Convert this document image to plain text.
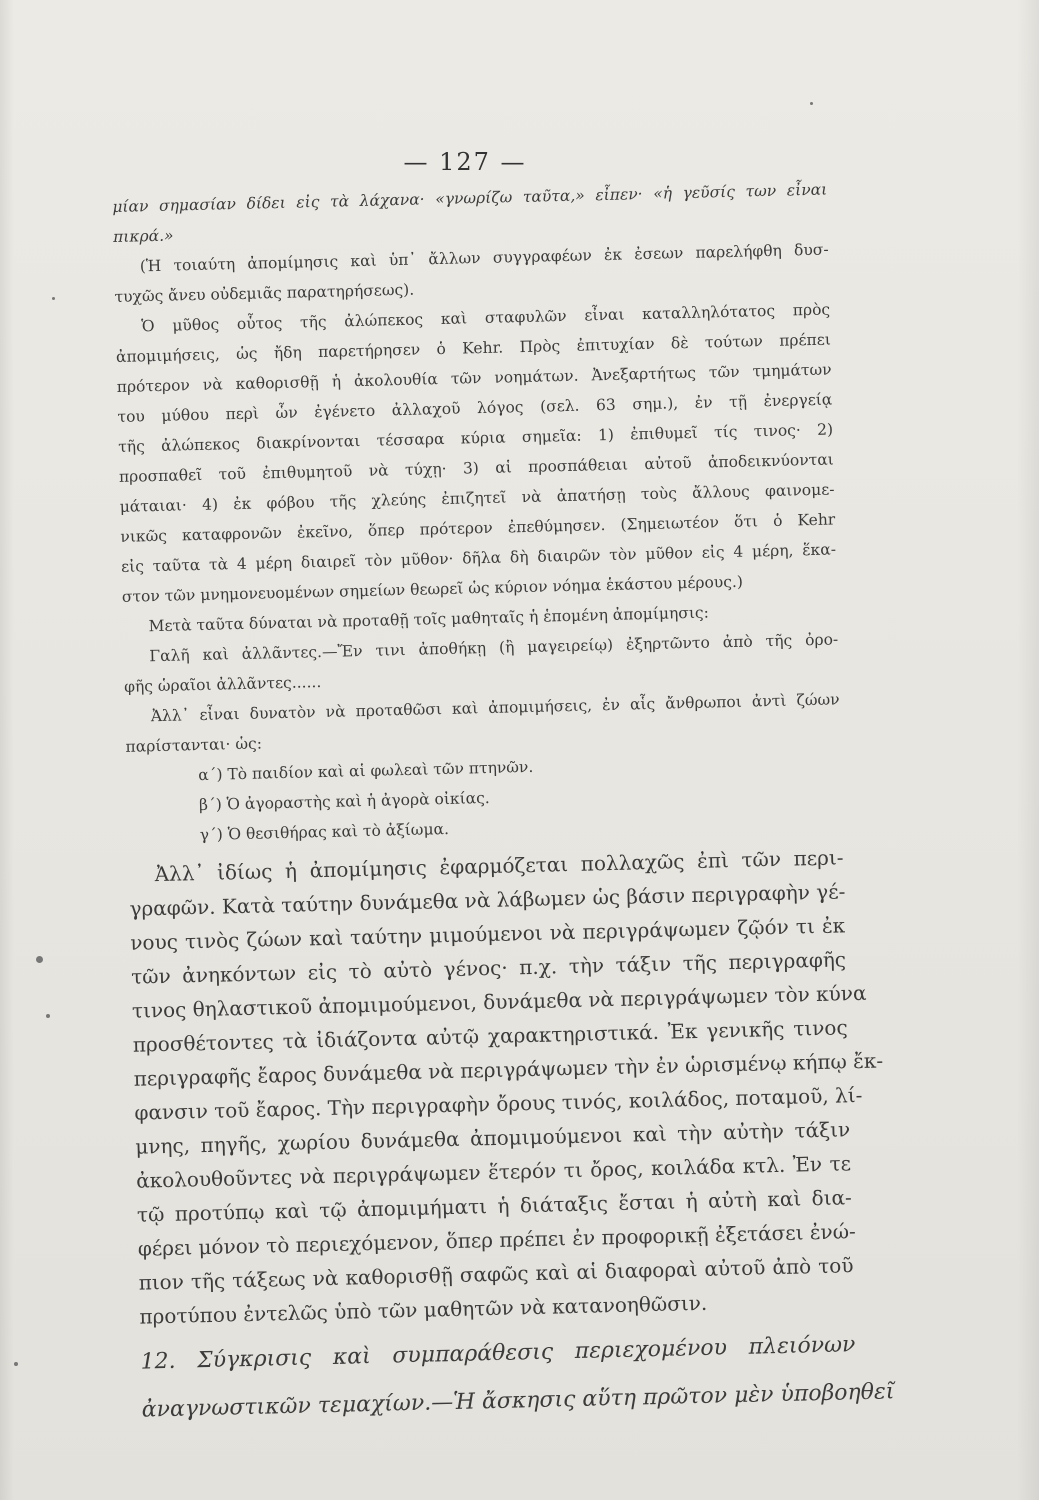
— 127 —
μίαν σημασίαν δίδει εἰς τὰ λάχανα· «γνωρίζω ταῦτα,» εἶπεν· «ἡ γεῦσίς των εἶναι
πικρά.»
(Ἡ τοιαύτη ἀπομίμησις καὶ ὑπ᾽ ἄλλων συγγραφέων ἐκ ἐσεων παρελήφθη δυσ-
τυχῶς ἄνευ οὐδεμιᾶς παρατηρήσεως).
Ὁ μῦθος οὗτος τῆς ἀλώπεκος καὶ σταφυλῶν εἶναι καταλληλότατος πρὸς
ἀπομιμήσεις, ὡς ἤδη παρετήρησεν ὁ Kehr. Πρὸς ἐπιτυχίαν δὲ τούτων πρέπει
πρότερον νὰ καθορισθῇ ἡ ἀκολουθία τῶν νοημάτων. Ἀνεξαρτήτως τῶν τμημάτων
του μύθου περὶ ὧν ἐγένετο ἀλλαχοῦ λόγος (σελ. 63 σημ.), ἐν τῇ ἐνεργείᾳ
τῆς ἀλώπεκος διακρίνονται τέσσαρα κύρια σημεῖα: 1) ἐπιθυμεῖ τίς τινος· 2)
προσπαθεῖ τοῦ ἐπιθυμητοῦ νὰ τύχῃ· 3) αἱ προσπάθειαι αὐτοῦ ἀποδεικνύονται
μάταιαι· 4) ἐκ φόβου τῆς χλεύης ἐπιζητεῖ νὰ ἀπατήσῃ τοὺς ἄλλους φαινομε-
νικῶς καταφρονῶν ἐκεῖνο, ὅπερ πρότερον ἐπεθύμησεν. (Σημειωτέον ὅτι ὁ Kehr
εἰς ταῦτα τὰ 4 μέρη διαιρεῖ τὸν μῦθον· δῆλα δὴ διαιρῶν τὸν μῦθον εἰς 4 μέρη, ἕκα-
στον τῶν μνημονευομένων σημείων θεωρεῖ ὡς κύριον νόημα ἑκάστου μέρους.)
Μετὰ ταῦτα δύναται νὰ προταθῇ τοῖς μαθηταῖς ἡ ἑπομένη ἀπομίμησις:
Γαλῆ καὶ ἀλλᾶντες.—Ἔν τινι ἀποθήκῃ (ἢ μαγειρείῳ) ἐξηρτῶντο ἀπὸ τῆς ὀρο-
φῆς ὡραῖοι ἀλλᾶντες......
Ἀλλ᾽ εἶναι δυνατὸν νὰ προταθῶσι καὶ ἀπομιμήσεις, ἐν αἷς ἄνθρωποι ἀντὶ ζώων
παρίστανται· ὡς:
α´) Τὸ παιδίον καὶ αἱ φωλεαὶ τῶν πτηνῶν.
β´) Ὁ ἀγοραστὴς καὶ ἡ ἀγορὰ οἰκίας.
γ´) Ὁ θεσιθήρας καὶ τὸ ἀξίωμα.
Ἀλλ᾽ ἰδίως ἡ ἀπομίμησις ἐφαρμόζεται πολλαχῶς ἐπὶ τῶν περι-
γραφῶν. Κατὰ ταύτην δυνάμεθα νὰ λάβωμεν ὡς βάσιν περιγραφὴν γέ-
νους τινὸς ζώων καὶ ταύτην μιμούμενοι νὰ περιγράψωμεν ζῷόν τι ἐκ
τῶν ἀνηκόντων εἰς τὸ αὐτὸ γένος· π.χ. τὴν τάξιν τῆς περιγραφῆς
τινος θηλαστικοῦ ἀπομιμούμενοι, δυνάμεθα νὰ περιγράψωμεν τὸν κύνα
προσθέτοντες τὰ ἰδιάζοντα αὐτῷ χαρακτηριστικά. Ἐκ γενικῆς τινος
περιγραφῆς ἔαρος δυνάμεθα νὰ περιγράψωμεν τὴν ἐν ὡρισμένῳ κήπῳ ἔκ-
φανσιν τοῦ ἔαρος. Τὴν περιγραφὴν ὄρους τινός, κοιλάδος, ποταμοῦ, λί-
μνης, πηγῆς, χωρίου δυνάμεθα ἀπομιμούμενοι καὶ τὴν αὐτὴν τάξιν
ἀκολουθοῦντες νὰ περιγράψωμεν ἕτερόν τι ὄρος, κοιλάδα κτλ. Ἐν τε
τῷ προτύπῳ καὶ τῷ ἀπομιμήματι ἡ διάταξις ἔσται ἡ αὐτὴ καὶ δια-
φέρει μόνον τὸ περιεχόμενον, ὅπερ πρέπει ἐν προφορικῇ ἐξετάσει ἐνώ-
πιον τῆς τάξεως νὰ καθορισθῇ σαφῶς καὶ αἱ διαφοραὶ αὐτοῦ ἀπὸ τοῦ
προτύπου ἐντελῶς ὑπὸ τῶν μαθητῶν νὰ κατανοηθῶσιν.
12. Σύγκρισις καὶ συμπαράθεσις περιεχομένου πλειόνων
ἀναγνωστικῶν τεμαχίων.—Ἡ ἄσκησις αὕτη πρῶτον μὲν ὑποβοηθεῖ
